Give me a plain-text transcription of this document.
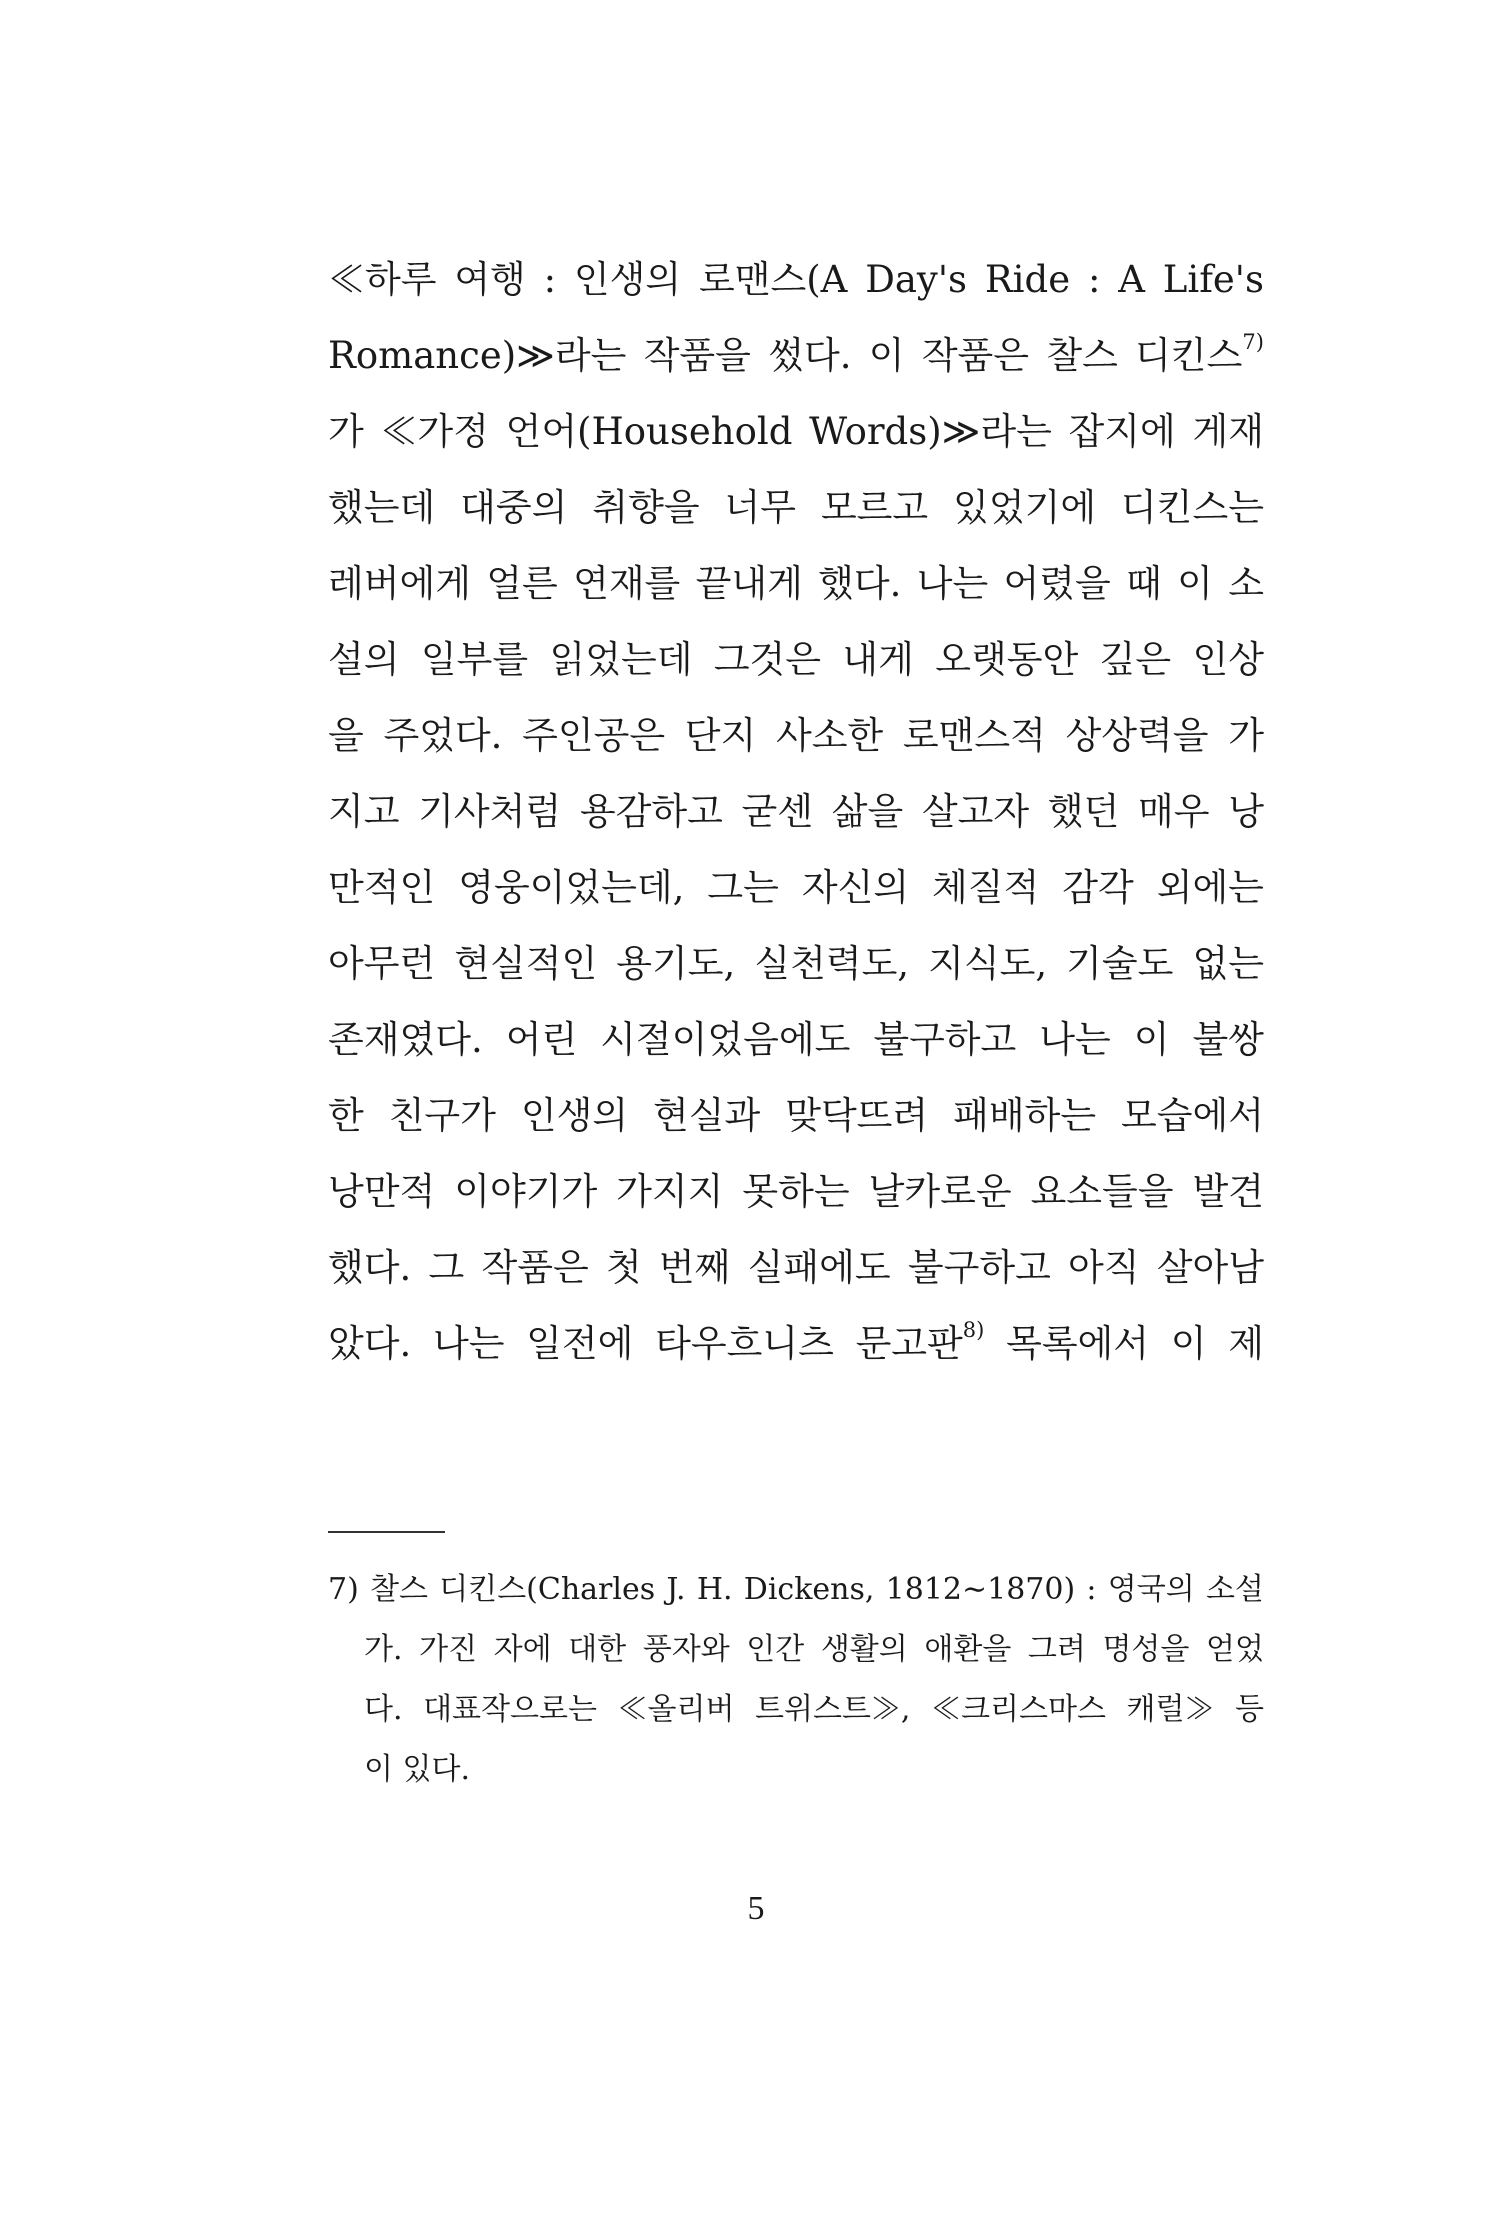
≪하루 여행 : 인생의 로맨스(A Day's Ride : A Life's
Romance)≫라는 작품을 썼다. 이 작품은 찰스 디킨스$^{7)}$
가 ≪가정 언어(Household Words)≫라는 잡지에 게재
했는데 대중의 취향을 너무 모르고 있었기에 디킨스는
레버에게 얼른 연재를 끝내게 했다. 나는 어렸을 때 이 소
설의 일부를 읽었는데 그것은 내게 오랫동안 깊은 인상
을 주었다. 주인공은 단지 사소한 로맨스적 상상력을 가
지고 기사처럼 용감하고 굳센 삶을 살고자 했던 매우 낭
만적인 영웅이었는데, 그는 자신의 체질적 감각 외에는
아무런 현실적인 용기도, 실천력도, 지식도, 기술도 없는
존재였다. 어린 시절이었음에도 불구하고 나는 이 불쌍
한 친구가 인생의 현실과 맞닥뜨려 패배하는 모습에서
낭만적 이야기가 가지지 못하는 날카로운 요소들을 발견
했다. 그 작품은 첫 번째 실패에도 불구하고 아직 살아남
았다. 나는 일전에 타우흐니츠 문고판$^{8)}$ 목록에서 이 제
7) 찰스 디킨스(Charles J. H. Dickens, 1812∼1870) : 영국의 소설
가. 가진 자에 대한 풍자와 인간 생활의 애환을 그려 명성을 얻었
다. 대표작으로는 ≪올리버 트위스트≫, ≪크리스마스 캐럴≫ 등
이
있다.
5
